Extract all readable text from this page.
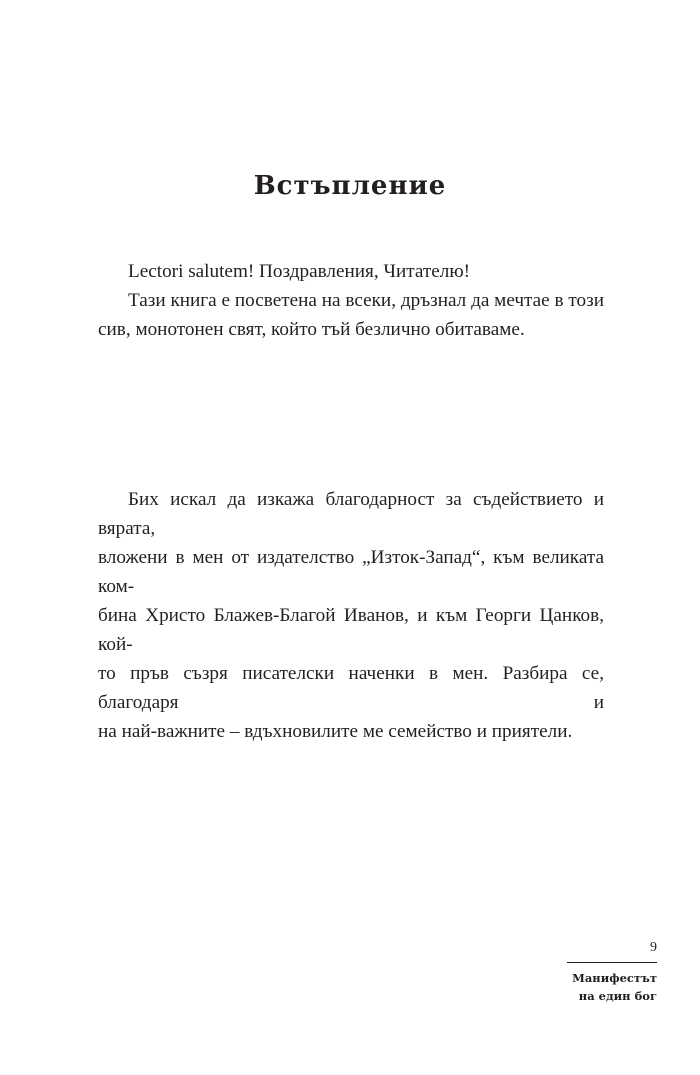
Встъпление
Lectori salutem! Поздравления, Читателю!
Тази книга е посветена на всеки, дръзнал да мечтае в този
сив, монотонен свят, който тъй безлично обитаваме.
Бих искал да изкажа благодарност за съдействието и вярата,
вложени в мен от издателство „Изток-Запад“, към великата ком-
бина Христо Блажев-Благой Иванов, и към Георги Цанков, кой-
то пръв съзря писателски наченки в мен. Разбира се, благодаря и
на най-важните – вдъхновилите ме семейство и приятели.
9
Манифестът
на един бог
